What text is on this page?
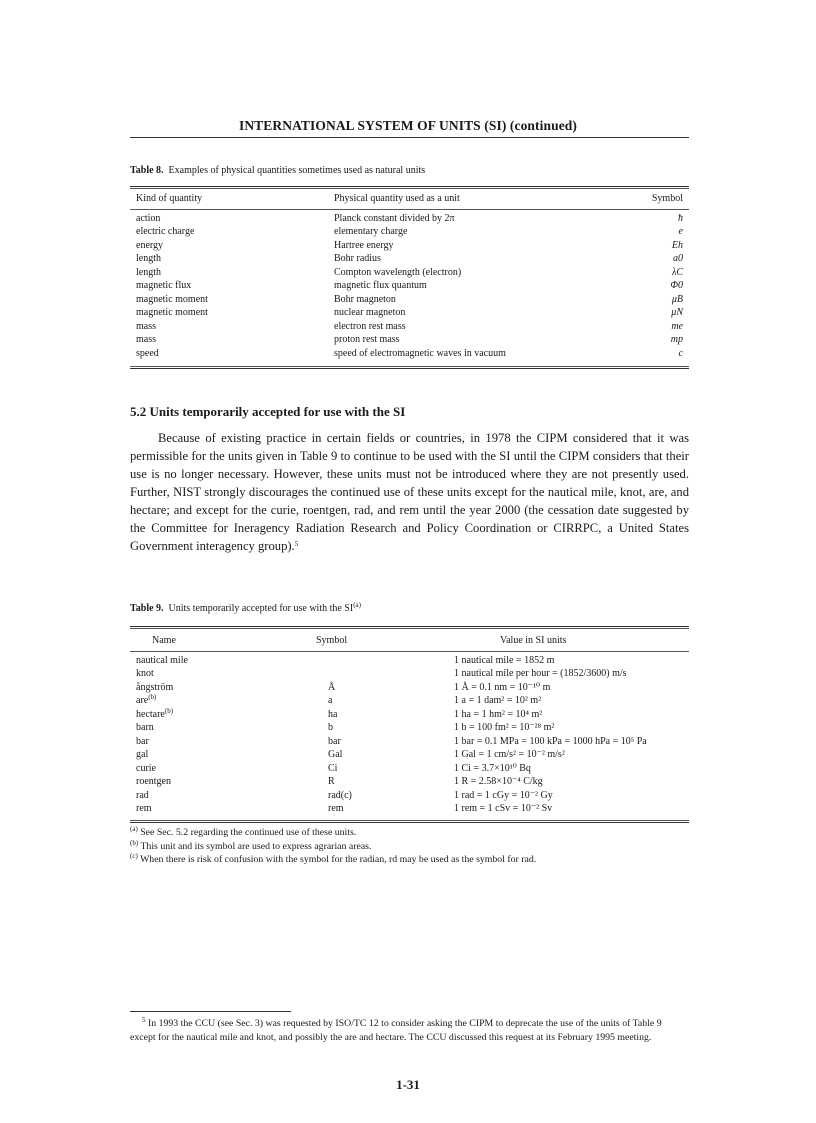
INTERNATIONAL SYSTEM OF UNITS (SI) (continued)
Table 8. Examples of physical quantities sometimes used as natural units
Kind of quantity	Physical quantity used as a unit	Symbol
action	Planck constant divided by 2π	ħ
electric charge	elementary charge	e
energy	Hartree energy	Eh
length	Bohr radius	a0
length	Compton wavelength (electron)	λC
magnetic flux	magnetic flux quantum	Φ0
magnetic moment	Bohr magneton	μB
magnetic moment	nuclear magneton	μN
mass	electron rest mass	me
mass	proton rest mass	mp
speed	speed of electromagnetic waves in vacuum	c
5.2 Units temporarily accepted for use with the SI

Because of existing practice in certain fields or countries, in 1978 the CIPM considered that it was permissible for the units given in Table 9 to continue to be used with the SI until the CIPM considers that their use is no longer necessary. However, these units must not be introduced where they are not presently used. Further, NIST strongly discourages the continued use of these units except for the nautical mile, knot, are, and hectare; and except for the curie, roentgen, rad, and rem until the year 2000 (the cessation date suggested by the Committee for Ineragency Radiation Research and Policy Coordination or CIRRPC, a United States Government interagency group).$^5$

Table 9. Units temporarily accepted for use with the SI$^{(a)}$
Name	Symbol	Value in SI units
nautical mile		1 nautical mile = 1852 m
knot		1 nautical mile per hour = (1852/3600) m/s
ångström	Å	1 Å = 0.1 nm = 10⁻¹⁰ m
are$^{(b)}$	a	1 a = 1 dam² = 10² m²
hectare$^{(b)}$	ha	1 ha = 1 hm² = 10⁴ m²
barn	b	1 b = 100 fm² = 10⁻²⁸ m²
bar	bar	1 bar = 0.1 MPa = 100 kPa = 1000 hPa = 10⁵ Pa
gal	Gal	1 Gal = 1 cm/s² = 10⁻² m/s²
curie	Ci	1 Ci = 3.7×10¹⁰ Bq
roentgen	R	1 R = 2.58×10⁻⁴ C/kg
rad	rad(c)	1 rad = 1 cGy = 10⁻² Gy
rem	rem	1 rem = 1 cSv = 10⁻² Sv
$^{(a)}$ See Sec. 5.2 regarding the continued use of these units.
$^{(b)}$ This unit and its symbol are used to express agrarian areas.
$^{(c)}$ When there is risk of confusion with the symbol for the radian, rd may be used as the symbol for rad.
$^5$ In 1993 the CCU (see Sec. 3) was requested by ISO/TC 12 to consider asking the CIPM to deprecate the use of the units of Table 9 except for the nautical mile and knot, and possibly the are and hectare. The CCU discussed this request at its February 1995 meeting.
1-31
